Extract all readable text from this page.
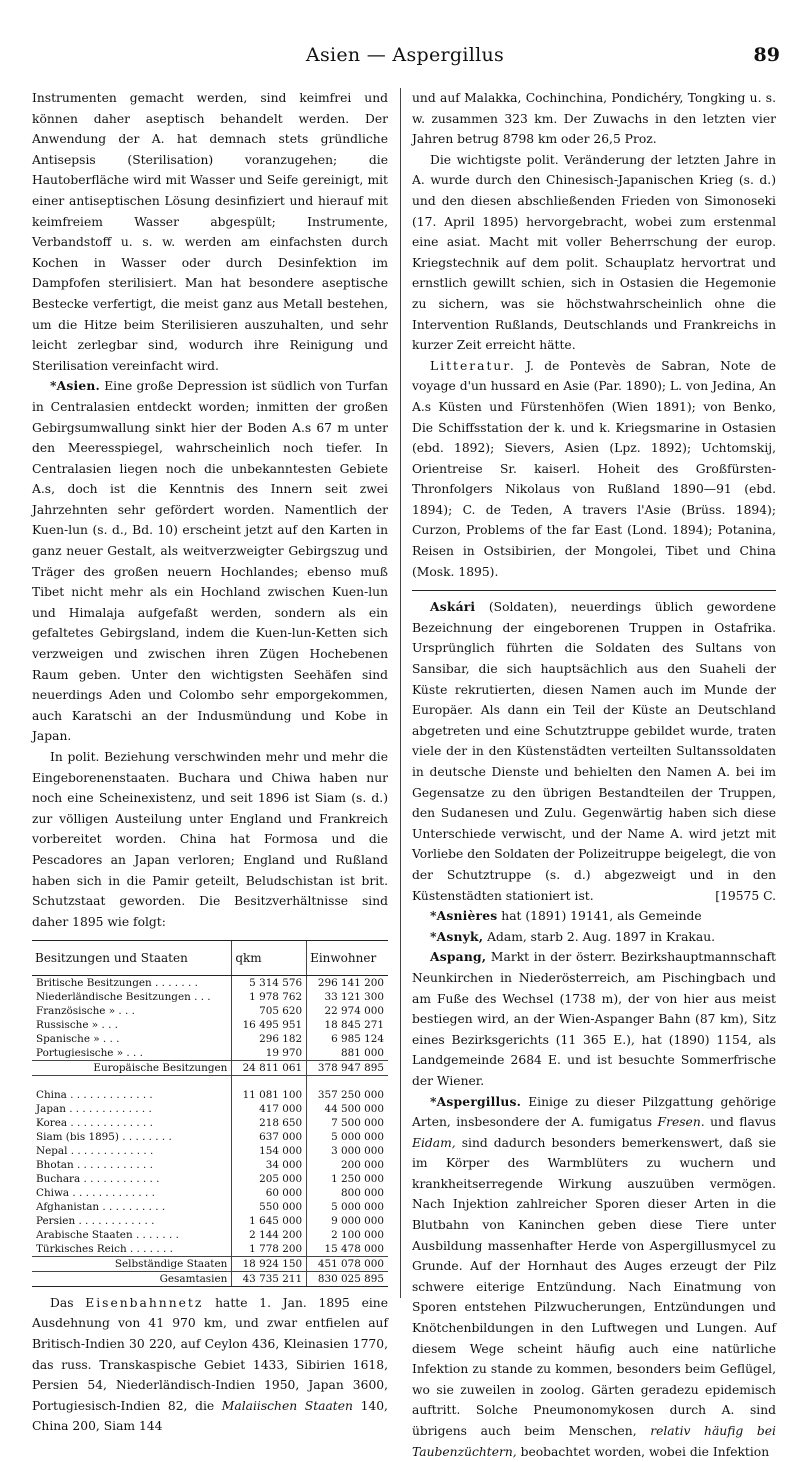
Asien — Aspergillus	89

Instrumenten gemacht werden, sind keimfrei und können daher aseptisch behandelt werden. Der Anwendung der A. hat demnach stets gründliche Antisepsis (Sterilisation) voranzugehen; die Hautoberfläche wird mit Wasser und Seife gereinigt, mit einer antiseptischen Lösung desinfiziert und hierauf mit keimfreiem Wasser abgespült; Instrumente, Verbandstoff u. s. w. werden am einfachsten durch Kochen in Wasser oder durch Desinfektion im Dampfofen sterilisiert. Man hat besondere aseptische Bestecke verfertigt, die meist ganz aus Metall bestehen, um die Hitze beim Sterilisieren auszuhalten, und sehr leicht zerlegbar sind, wodurch ihre Reinigung und Sterilisation vereinfacht wird.

*Asien. Eine große Depression ist südlich von Turfan in Centralasien entdeckt worden; inmitten der großen Gebirgsumwallung sinkt hier der Boden A.s 67 m unter den Meeresspiegel, wahrscheinlich noch tiefer. In Centralasien liegen noch die unbekanntesten Gebiete A.s, doch ist die Kenntnis des Innern seit zwei Jahrzehnten sehr gefördert worden. Namentlich der Kuen-lun (s. d., Bd. 10) erscheint jetzt auf den Karten in ganz neuer Gestalt, als weitverzweigter Gebirgszug und Träger des großen neuern Hochlandes; ebenso muß Tibet nicht mehr als ein Hochland zwischen Kuen-lun und Himalaja aufgefaßt werden, sondern als ein gefaltetes Gebirgsland, indem die Kuen-lun-Ketten sich verzweigen und zwischen ihren Zügen Hochebenen Raum geben. Unter den wichtigsten Seehäfen sind neuerdings Aden und Colombo sehr emporgekommen, auch Karatschi an der Indusmündung und Kobe in Japan.

In polit. Beziehung verschwinden mehr und mehr die Eingeborenenstaaten. Buchara und Chiwa haben nur noch eine Scheinexistenz, und seit 1896 ist Siam (s. d.) zur völligen Austeilung unter England und Frankreich vorbereitet worden. China hat Formosa und die Pescadores an Japan verloren; England und Rußland haben sich in die Pamir geteilt, Beludschistan ist brit. Schutzstaat geworden. Die Besitzverhältnisse sind daher 1895 wie folgt:

Besitzungen und Staaten	qkm	Einwohner
Britische Besitzungen . . . . . . .	5 314 576	296 141 200
Niederländische Besitzungen . . .	1 978 762	33 121 300
Französische » . . .	705 620	22 974 000
Russische » . . .	16 495 951	18 845 271
Spanische » . . .	296 182	6 985 124
Portugiesische » . . .	19 970	881 000
Europäische Besitzungen	24 811 061	378 947 895

China . . . . . . . . . . . . .	11 081 100	357 250 000
Japan . . . . . . . . . . . . .	417 000	44 500 000
Korea . . . . . . . . . . . . .	218 650	7 500 000
Siam (bis 1895) . . . . . . . .	637 000	5 000 000
Nepal . . . . . . . . . . . . .	154 000	3 000 000
Bhotan . . . . . . . . . . . .	34 000	200 000
Buchara . . . . . . . . . . . .	205 000	1 250 000
Chiwa . . . . . . . . . . . . .	60 000	800 000
Afghanistan . . . . . . . . . .	550 000	5 000 000
Persien . . . . . . . . . . . .	1 645 000	9 000 000
Arabische Staaten . . . . . . .	2 144 200	2 100 000
Türkisches Reich . . . . . . .	1 778 200	15 478 000
Selbständige Staaten	18 924 150	451 078 000
Gesamtasien	43 735 211	830 025 895

Das Eisenbahnnetz hatte 1. Jan. 1895 eine Ausdehnung von 41 970 km, und zwar entfielen auf Britisch-Indien 30 220, auf Ceylon 436, Kleinasien 1770, das russ. Transkaspische Gebiet 1433, Sibirien 1618, Persien 54, Niederländisch-Indien 1950, Japan 3600, Portugiesisch-Indien 82, die Malaiischen Staaten 140, China 200, Siam 144

und auf Malakka, Cochinchina, Pondichéry, Tongking u. s. w. zusammen 323 km. Der Zuwachs in den letzten vier Jahren betrug 8798 km oder 26,5 Proz.

Die wichtigste polit. Veränderung der letzten Jahre in A. wurde durch den Chinesisch-Japanischen Krieg (s. d.) und den diesen abschließenden Frieden von Simonoseki (17. April 1895) hervorgebracht, wobei zum erstenmal eine asiat. Macht mit voller Beherrschung der europ. Kriegstechnik auf dem polit. Schauplatz hervortrat und ernstlich gewillt schien, sich in Ostasien die Hegemonie zu sichern, was sie höchstwahrscheinlich ohne die Intervention Rußlands, Deutschlands und Frankreichs in kurzer Zeit erreicht hätte.

Litteratur. J. de Pontevès de Sabran, Note de voyage d'un hussard en Asie (Par. 1890); L. von Jedina, An A.s Küsten und Fürstenhöfen (Wien 1891); von Benko, Die Schiffsstation der k. und k. Kriegsmarine in Ostasien (ebd. 1892); Sievers, Asien (Lpz. 1892); Uchtomskij, Orientreise Sr. kaiserl. Hoheit des Großfürsten-Thronfolgers Nikolaus von Rußland 1890—91 (ebd. 1894); C. de Teden, A travers l'Asie (Brüss. 1894); Curzon, Problems of the far East (Lond. 1894); Potanina, Reisen in Ostsibirien, der Mongolei, Tibet und China (Mosk. 1895).

Askári (Soldaten), neuerdings üblich gewordene Bezeichnung der eingeborenen Truppen in Ostafrika. Ursprünglich führten die Soldaten des Sultans von Sansibar, die sich hauptsächlich aus den Suaheli der Küste rekrutierten, diesen Namen auch im Munde der Europäer. Als dann ein Teil der Küste an Deutschland abgetreten und eine Schutztruppe gebildet wurde, traten viele der in den Küstenstädten verteilten Sultanssoldaten in deutsche Dienste und behielten den Namen A. bei im Gegensatze zu den übrigen Bestandteilen der Truppen, den Sudanesen und Zulu. Gegenwärtig haben sich diese Unterschiede verwischt, und der Name A. wird jetzt mit Vorliebe den Soldaten der Polizeitruppe beigelegt, die von der Schutztruppe (s. d.) abgezweigt und in den Küstenstädten stationiert ist.	[19575 C.

*Asnières hat (1891) 19141, als Gemeinde

*Asnyk, Adam, starb 2. Aug. 1897 in Krakau.

Aspang, Markt in der österr. Bezirkshauptmannschaft Neunkirchen in Niederösterreich, am Pischingbach und am Fuße des Wechsel (1738 m), der von hier aus meist bestiegen wird, an der Wien-Aspanger Bahn (87 km), Sitz eines Bezirksgerichts (11 365 E.), hat (1890) 1154, als Landgemeinde 2684 E. und ist besuchte Sommerfrische der Wiener.

*Aspergillus. Einige zu dieser Pilzgattung gehörige Arten, insbesondere der A. fumigatus Fresen. und flavus Eidam, sind dadurch besonders bemerkenswert, daß sie im Körper des Warmblüters zu wuchern und krankheitserregende Wirkung auszuüben vermögen. Nach Injektion zahlreicher Sporen dieser Arten in die Blutbahn von Kaninchen geben diese Tiere unter Ausbildung massenhafter Herde von Aspergillusmycel zu Grunde. Auf der Hornhaut des Auges erzeugt der Pilz schwere eiterige Entzündung. Nach Einatmung von Sporen entstehen Pilzwucherungen, Entzündungen und Knötchenbildungen in den Luftwegen und Lungen. Auf diesem Wege scheint häufig auch eine natürliche Infektion zu stande zu kommen, besonders beim Geflügel, wo sie zuweilen in zoolog. Gärten geradezu epidemisch auftritt. Solche Pneumonomykosen durch A. sind übrigens auch beim Menschen, relativ häufig bei Taubenzüchtern, beobachtet worden, wobei die Infektion
